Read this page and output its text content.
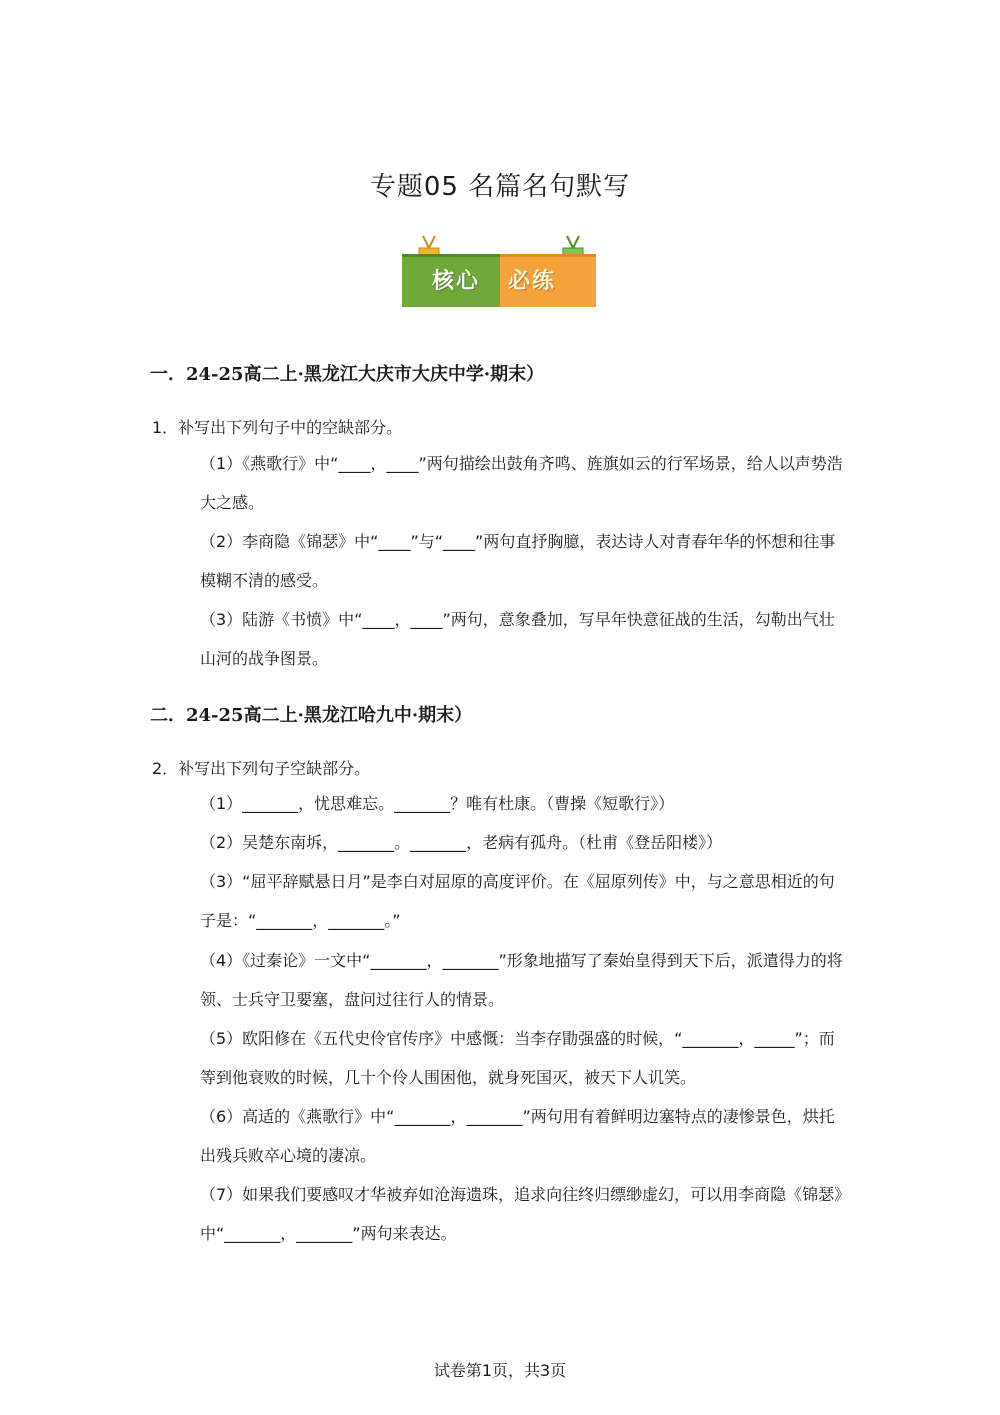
专题05 名篇名句默写
核心 必练
一．24-25高二上·黑龙江大庆市大庆中学·期末）
1．补写出下列句子中的空缺部分。
（1）《燕歌行》中“____，____”两句描绘出鼓角齐鸣、旌旗如云的行军场景，给人以声势浩大之感。
（2）李商隐《锦瑟》中“____”与“____”两句直抒胸臆，表达诗人对青春年华的怀想和往事模糊不清的感受。
（3）陆游《书愤》中“____，____”两句，意象叠加，写早年快意征战的生活，勾勒出气壮山河的战争图景。
二．24-25高二上·黑龙江哈九中·期末）
2．补写出下列句子空缺部分。
（1）_______，忧思难忘。_______？唯有杜康。（曹操《短歌行》）
（2）吴楚东南坼，_______。_______，老病有孤舟。（杜甫《登岳阳楼》）
（3）“屈平辞赋悬日月”是李白对屈原的高度评价。在《屈原列传》中，与之意思相近的句子是：“_______，_______。”
（4）《过秦论》一文中“_______，_______”形象地描写了秦始皇得到天下后，派遣得力的将领、士兵守卫要塞，盘问过往行人的情景。
（5）欧阳修在《五代史伶官传序》中感慨：当李存勖强盛的时候，“_______，_____”；而等到他衰败的时候，几十个伶人围困他，就身死国灭，被天下人讥笑。
（6）高适的《燕歌行》中“_______，_______”两句用有着鲜明边塞特点的凄惨景色，烘托出残兵败卒心境的凄凉。
（7）如果我们要感叹才华被弃如沧海遗珠，追求向往终归缥缈虚幻，可以用李商隐《锦瑟》中“_______，_______”两句来表达。
试卷第1页，共3页
